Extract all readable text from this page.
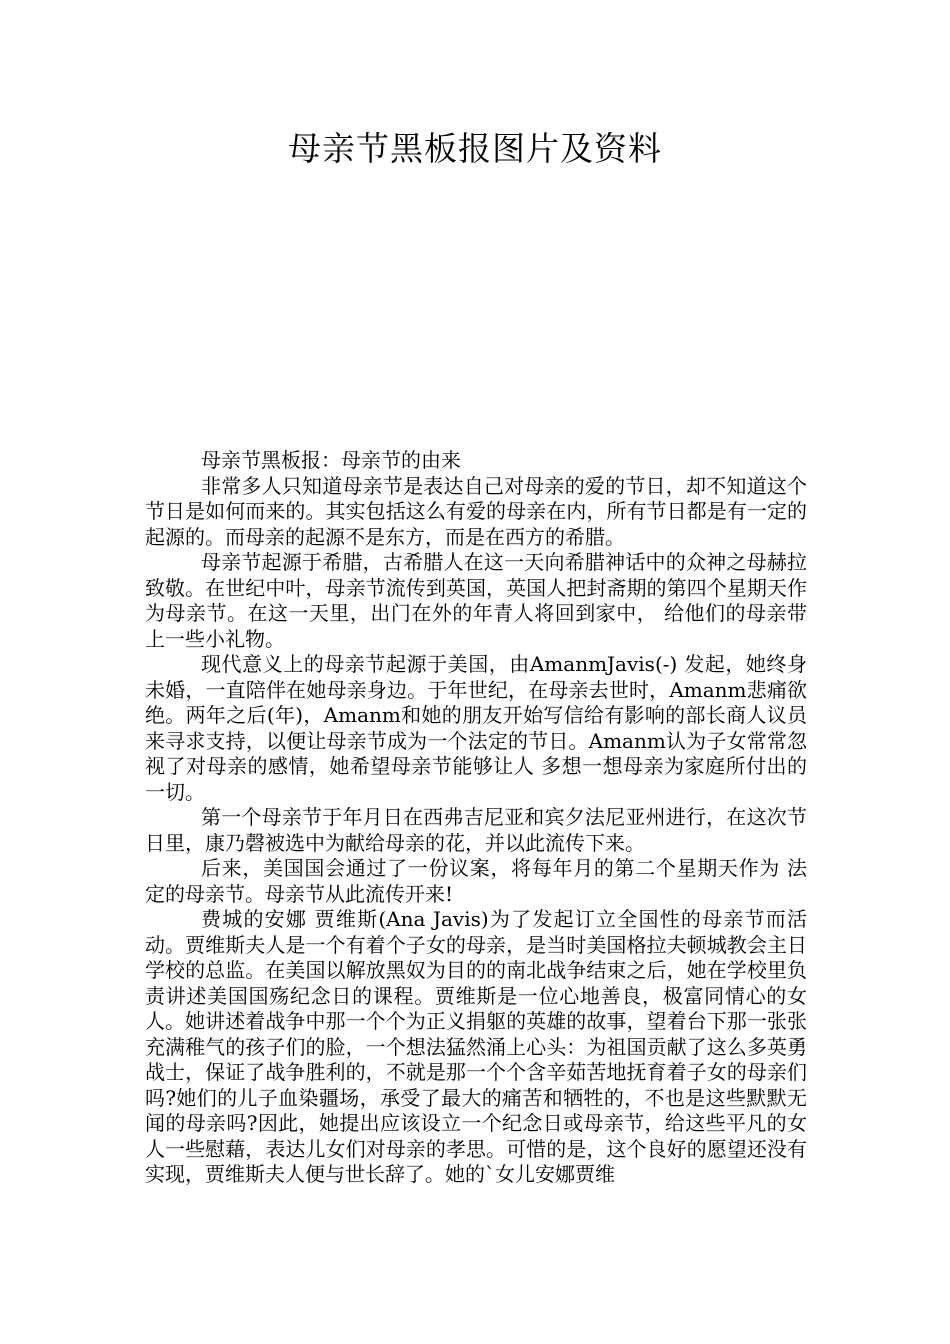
母亲节黑板报图片及资料

母亲节黑板报：母亲节的由来

非常多人只知道母亲节是表达自己对母亲的爱的节日，却不知道这个节日是如何而来的。其实包括这么有爱的母亲在内，所有节日都是有一定的起源的。而母亲的起源不是东方，而是在西方的希腊。

母亲节起源于希腊，古希腊人在这一天向希腊神话中的众神之母赫拉致敬。在世纪中叶，母亲节流传到英国，英国人把封斋期的第四个星期天作为母亲节。在这一天里，出门在外的年青人将回到家中， 给他们的母亲带上一些小礼物。

现代意义上的母亲节起源于美国，由AmanmJavis(-) 发起，她终身未婚，一直陪伴在她母亲身边。于年世纪，在母亲去世时，Amanm悲痛欲绝。两年之后(年)，Amanm和她的朋友开始写信给有影响的部长商人议员来寻求支持，以便让母亲节成为一个法定的节日。Amanm认为子女常常忽视了对母亲的感情，她希望母亲节能够让人 多想一想母亲为家庭所付出的一切。

第一个母亲节于年月日在西弗吉尼亚和宾夕法尼亚州进行，在这次节日里，康乃磬被选中为献给母亲的花，并以此流传下来。

后来，美国国会通过了一份议案，将每年月的第二个星期天作为 法定的母亲节。母亲节从此流传开来!

费城的安娜 贾维斯(Ana Javis)为了发起订立全国性的母亲节而活动。贾维斯夫人是一个有着个子女的母亲，是当时美国格拉夫顿城教会主日学校的总监。在美国以解放黑奴为目的的南北战争结束之后，她在学校里负责讲述美国国殇纪念日的课程。贾维斯是一位心地善良，极富同情心的女人。她讲述着战争中那一个个为正义捐躯的英雄的故事，望着台下那一张张充满稚气的孩子们的脸，一个想法猛然涌上心头：为祖国贡献了这么多英勇战士，保证了战争胜利的，不就是那一个个含辛茹苦地抚育着子女的母亲们吗?她们的儿子血染疆场，承受了最大的痛苦和牺牲的，不也是这些默默无闻的母亲吗?因此，她提出应该设立一个纪念日或母亲节，给这些平凡的女人一些慰藉，表达儿女们对母亲的孝思。可惜的是，这个良好的愿望还没有实现，贾维斯夫人便与世长辞了。她的`女儿安娜贾维
